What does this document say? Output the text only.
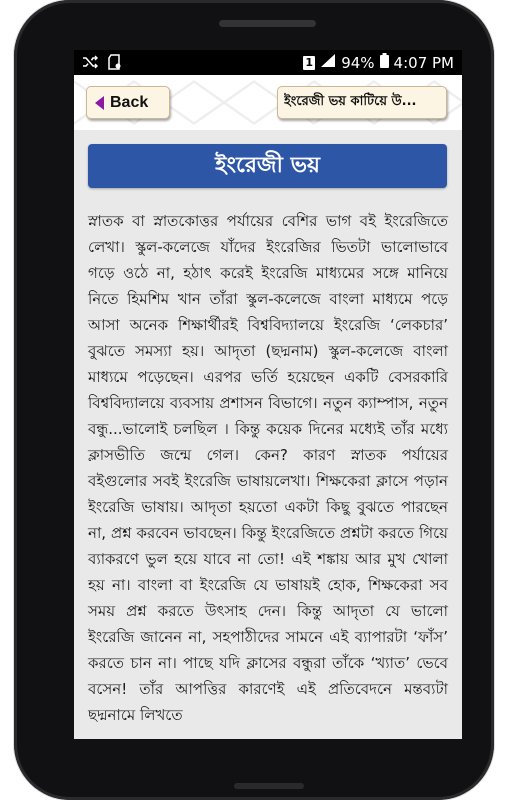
1 94% 4:07 PM
Back	ইংরেজী ভয় কাটিয়ে উ...
ইংরেজী ভয়
স্নাতক বা স্নাতকোত্তর পর্যায়ের বেশির ভাগ বই ইংরেজিতে লেখা। স্কুল-কলেজে যাঁদের ইংরেজির ভিতটা ভালোভাবে গড়ে ওঠে না, হঠাৎ করেই ইংরেজি মাধ্যমের সঙ্গে মানিয়ে নিতে হিমশিম খান তাঁরা স্কুল-কলেজে বাংলা মাধ্যমে পড়ে আসা অনেক শিক্ষার্থীরই বিশ্ববিদ্যালয়ে ইংরেজি ‘লেকচার’ বুঝতে সমস্যা হয়। আদৃতা (ছদ্মনাম) স্কুল-কলেজে বাংলা মাধ্যমে পড়েছেন। এরপর ভর্তি হয়েছেন একটি বেসরকারি বিশ্ববিদ্যালয়ে ব্যবসায় প্রশাসন বিভাগে। নতুন ক্যাম্পাস, নতুন বন্ধু...ভালোই চলছিল । কিন্তু কয়েক দিনের মধ্যেই তাঁর মধ্যে ক্লাসভীতি জন্মে গেল। কেন? কারণ স্নাতক পর্যায়ের বইগুলোর সবই ইংরেজি ভাষায়লেখা। শিক্ষকেরা ক্লাসে পড়ান ইংরেজি ভাষায়। আদৃতা হয়তো একটা কিছু বুঝতে পারছেন না, প্রশ্ন করবেন ভাবছেন। কিন্তু ইংরেজিতে প্রশ্নটা করতে গিয়ে ব্যাকরণে ভুল হয়ে যাবে না তো! এই শঙ্কায় আর মুখ খোলা হয় না। বাংলা বা ইংরেজি যে ভাষায়ই হোক, শিক্ষকেরা সব সময় প্রশ্ন করতে উৎসাহ দেন। কিন্তু আদৃতা যে ভালো ইংরেজি জানেন না, সহপাঠীদের সামনে এই ব্যাপারটা ‘ফাঁস’ করতে চান না। পাছে যদি ক্লাসের বন্ধুরা তাঁকে ‘খ্যাত’ ভেবে বসেন! তাঁর আপত্তির কারণেই এই প্রতিবেদনে মন্তব্যটা ছদ্মনামে লিখতে
